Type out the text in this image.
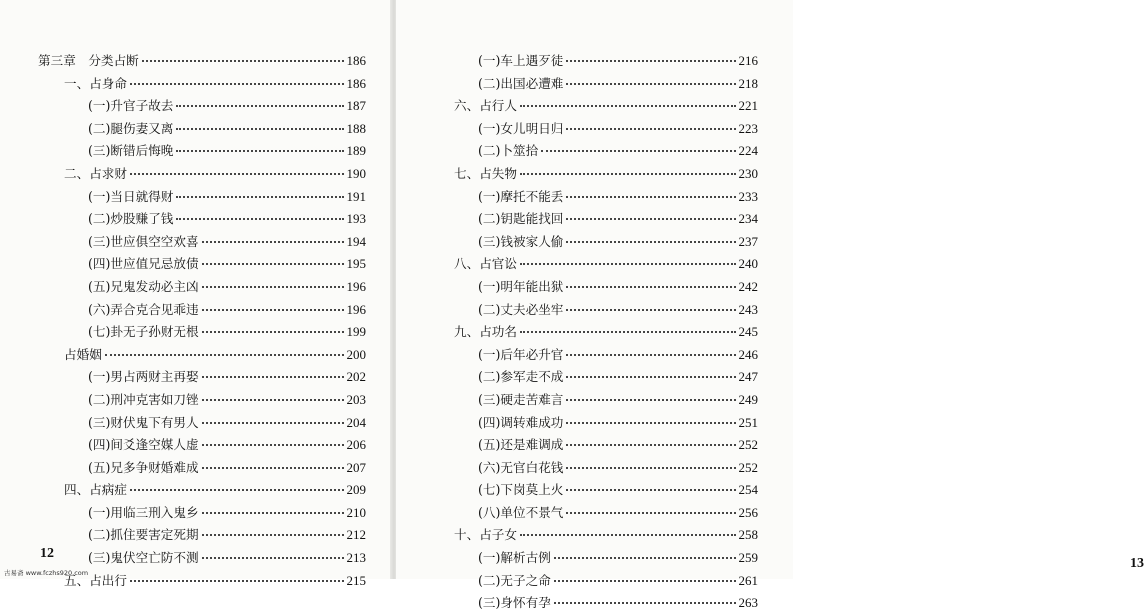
第三章　分类占断	186
一、占身命	186
(一)升官子故去	187
(二)腿伤妻又离	188
(三)断错后悔晚	189
二、占求财	190
(一)当日就得财	191
(二)炒股赚了钱	193
(三)世应俱空空欢喜	194
(四)世应值兄忌放债	195
(五)兄鬼发动必主凶	196
(六)弄合克合见乖违	196
(七)卦无子孙财无根	199
占婚姻	200
(一)男占两财主再娶	202
(二)刑冲克害如刀锉	203
(三)财伏鬼下有男人	204
(四)间爻逢空媒人虚	206
(五)兄多争财婚难成	207
四、占病症	209
(一)用临三刑入鬼乡	210
(二)抓住要害定死期	212
(三)鬼伏空亡防不测	213
五、占出行	215
12
(一)车上遇歹徒	216
(二)出国必遭难	218
六、占行人	221
(一)女儿明日归	223
(二)卜筮拾	224
七、占失物	230
(一)摩托不能丢	233
(二)钥匙能找回	234
(三)钱被家人偷	237
八、占官讼	240
(一)明年能出狱	242
(二)丈夫必坐牢	243
九、占功名	245
(一)后年必升官	246
(二)参军走不成	247
(三)硬走苦难言	249
(四)调转难成功	251
(五)还是难调成	252
(六)无官白花钱	252
(七)下岗莫上火	254
(八)单位不景气	256
十、占子女	258
(一)解析古例	259
(二)无子之命	261
(三)身怀有孕	263
13
古易斋 www.fczhs920.com
